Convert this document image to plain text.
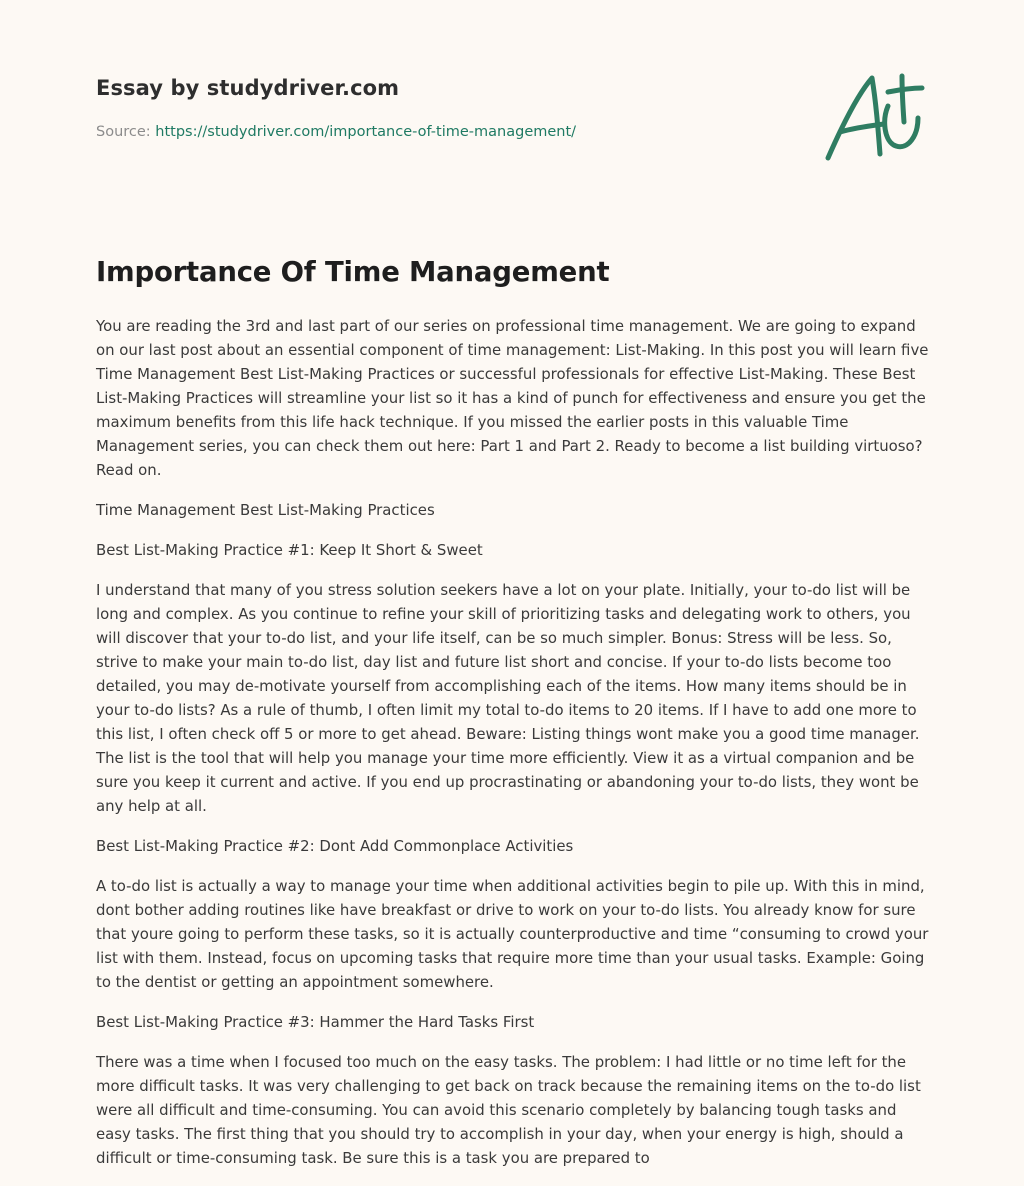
Essay by studydriver.com
Source: https://studydriver.com/importance-of-time-management/
Importance Of Time Management

You are reading the 3rd and last part of our series on professional time management. We are going to expand on our last post about an essential component of time management: List-Making. In this post you will learn five Time Management Best List-Making Practices or successful professionals for effective List-Making. These Best List-Making Practices will streamline your list so it has a kind of punch for effectiveness and ensure you get the maximum benefits from this life hack technique. If you missed the earlier posts in this valuable Time Management series, you can check them out here: Part 1 and Part 2. Ready to become a list building virtuoso? Read on.

Time Management Best List-Making Practices

Best List-Making Practice #1: Keep It Short & Sweet

I understand that many of you stress solution seekers have a lot on your plate. Initially, your to-do list will be long and complex. As you continue to refine your skill of prioritizing tasks and delegating work to others, you will discover that your to-do list, and your life itself, can be so much simpler. Bonus: Stress will be less. So, strive to make your main to-do list, day list and future list short and concise. If your to-do lists become too detailed, you may de-motivate yourself from accomplishing each of the items. How many items should be in your to-do lists? As a rule of thumb, I often limit my total to-do items to 20 items. If I have to add one more to this list, I often check off 5 or more to get ahead. Beware: Listing things wont make you a good time manager.

The list is the tool that will help you manage your time more efficiently. View it as a virtual companion and be sure you keep it current and active. If you end up procrastinating or abandoning your to-do lists, they wont be any help at all.

Best List-Making Practice #2: Dont Add Commonplace Activities

A to-do list is actually a way to manage your time when additional activities begin to pile up. With this in mind, dont bother adding routines like have breakfast or drive to work on your to-do lists. You already know for sure that youre going to perform these tasks, so it is actually counterproductive and time “consuming to crowd your list with them. Instead, focus on upcoming tasks that require more time than your usual tasks. Example: Going to the dentist or getting an appointment somewhere.

Best List-Making Practice #3: Hammer the Hard Tasks First

There was a time when I focused too much on the easy tasks. The problem: I had little or no time left for the more difficult tasks. It was very challenging to get back on track because the remaining items on the to-do list were all difficult and time-consuming. You can avoid this scenario completely by balancing tough tasks and easy tasks. The first thing that you should try to accomplish in your day, when your energy is high, should a difficult or time-consuming task. Be sure this is a task you are prepared to
